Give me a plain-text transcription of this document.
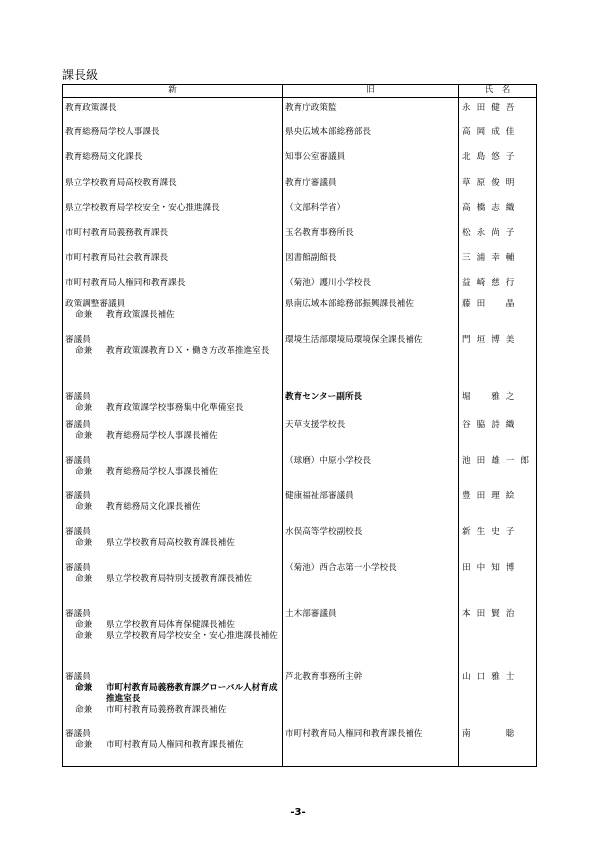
課長級
新	旧	氏　名

教育政策課長	教育庁政策監	永田健吾

教育総務局学校人事課長	県央広域本部総務部長	高岡成佳

教育総務局文化課長	知事公室審議員	北島悠子

県立学校教育局高校教育課長	教育庁審議員	草原俊明

県立学校教育局学校安全・安心推進課長	（文部科学省）	高橋志織

市町村教育局義務教育課長	玉名教育事務所長	松永尚子

市町村教育局社会教育課長	図書館副館長	三浦幸輔

市町村教育局人権同和教育課長	（菊池）護川小学校長	益崎慈行

政策調整審議員
命兼 教育政策課長補佐	県南広域本部総務部振興課長補佐	藤田　晶

審議員
命兼 教育政策課教育ＤＸ・働き方改革推進室長	環境生活部環境局環境保全課長補佐	門垣博美

審議員
命兼 教育政策課学校事務集中化準備室長	教育センター副所長	堀　雅之

審議員
命兼 教育総務局学校人事課長補佐	天草支援学校長	谷脇詩織

審議員
命兼 教育総務局学校人事課長補佐	（球磨）中原小学校長	池田雄一郎

審議員
命兼 教育総務局文化課長補佐	健康福祉部審議員	豊田理絵

審議員
命兼 県立学校教育局高校教育課長補佐	水俣高等学校副校長	新生史子

審議員
命兼 県立学校教育局特別支援教育課長補佐	（菊池）西合志第一小学校長	田中知博

審議員
命兼 県立学校教育局体育保健課長補佐
命兼 県立学校教育局学校安全・安心推進課長補佐	土木部審議員	本田賢治

審議員
命兼 市町村教育局義務教育課グローバル人材育成推進室長
命兼 市町村教育局義務教育課長補佐	芦北教育事務所主幹	山口雅士

審議員
命兼 市町村教育局人権同和教育課長補佐	市町村教育局人権同和教育課長補佐	南　　聡
-3-
